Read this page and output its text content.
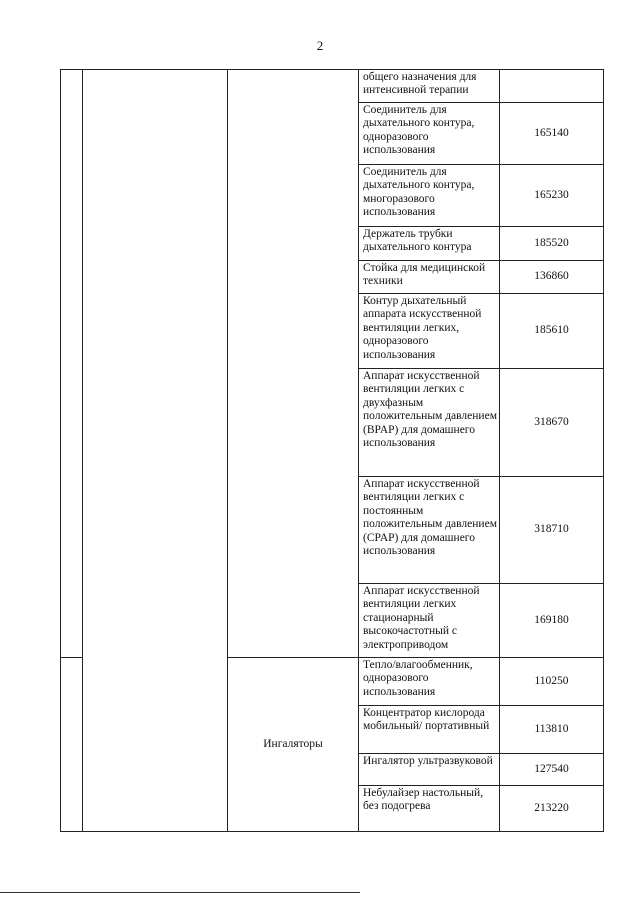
2
			общего назначения для интенсивной терапии	
			Соединитель для дыхательного контура, одноразового использования	165140
			Соединитель для дыхательного контура, многоразового использования	165230
			Держатель трубки дыхательного контура	185520
			Стойка для медицинской техники	136860
			Контур дыхательный аппарата искусственной вентиляции легких, одноразового использования	185610
			Аппарат искусственной вентиляции легких с двухфазным положительным давлением (BPAP) для домашнего использования	318670
			Аппарат искусственной вентиляции легких с постоянным положительным давлением (CPAP) для домашнего использования	318710
			Аппарат искусственной вентиляции легких стационарный высокочастотный с электроприводом	169180
		Ингаляторы	Тепло/влагообменник, одноразового использования	110250
			Концентратор кислорода мобильный/ портативный	113810
			Ингалятор ультразвуковой	127540
			Небулайзер настольный, без подогрева	213220
